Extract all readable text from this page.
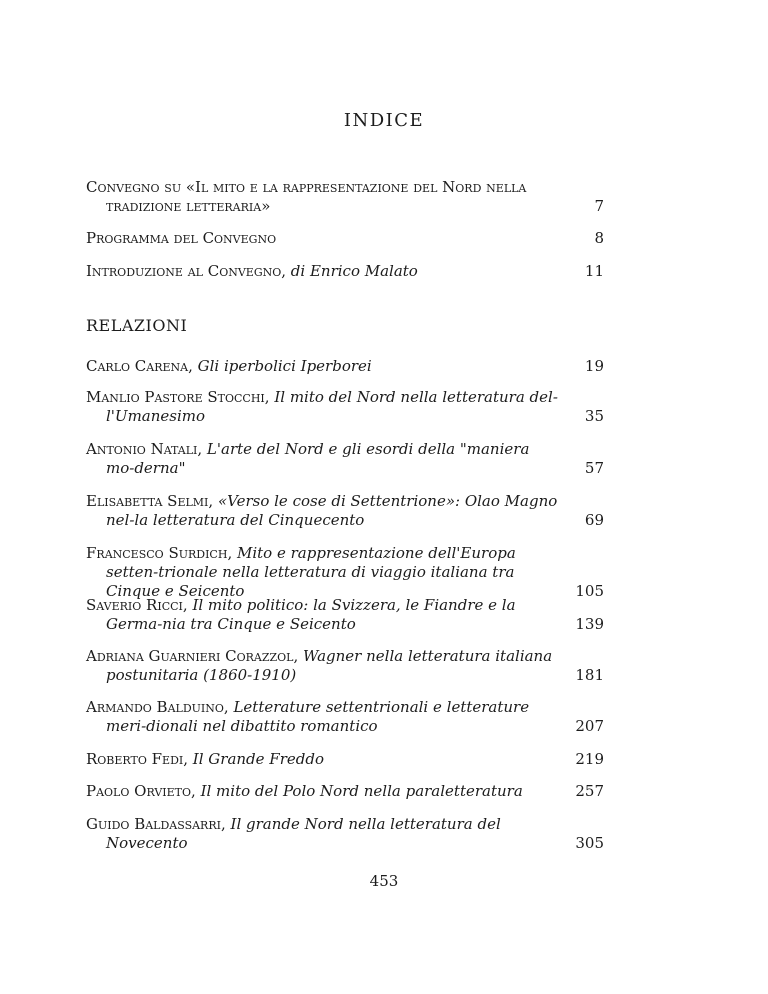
INDICE
Convegno su «Il mito e la rappresentazione del Nord nella tradizione letteraria»	7
Programma del Convegno	8
Introduzione al Convegno, di Enrico Malato	11
RELAZIONI
Carlo Carena, Gli iperbolici Iperborei	19
Manlio Pastore Stocchi, Il mito del Nord nella letteratura del-l'Umanesimo	35
Antonio Natali, L'arte del Nord e gli esordi della "maniera mo-derna"	57
Elisabetta Selmi, «Verso le cose di Settentrione»: Olao Magno nel-la letteratura del Cinquecento	69
Francesco Surdich, Mito e rappresentazione dell'Europa setten-trionale nella letteratura di viaggio italiana tra Cinque e Seicento	105
Saverio Ricci, Il mito politico: la Svizzera, le Fiandre e la Germa-nia tra Cinque e Seicento	139
Adriana Guarnieri Corazzol, Wagner nella letteratura italiana postunitaria (1860-1910)	181
Armando Balduino, Letterature settentrionali e letterature meri-dionali nel dibattito romantico	207
Roberto Fedi, Il Grande Freddo	219
Paolo Orvieto, Il mito del Polo Nord nella paraletteratura	257
Guido Baldassarri, Il grande Nord nella letteratura del Novecento	305
453
